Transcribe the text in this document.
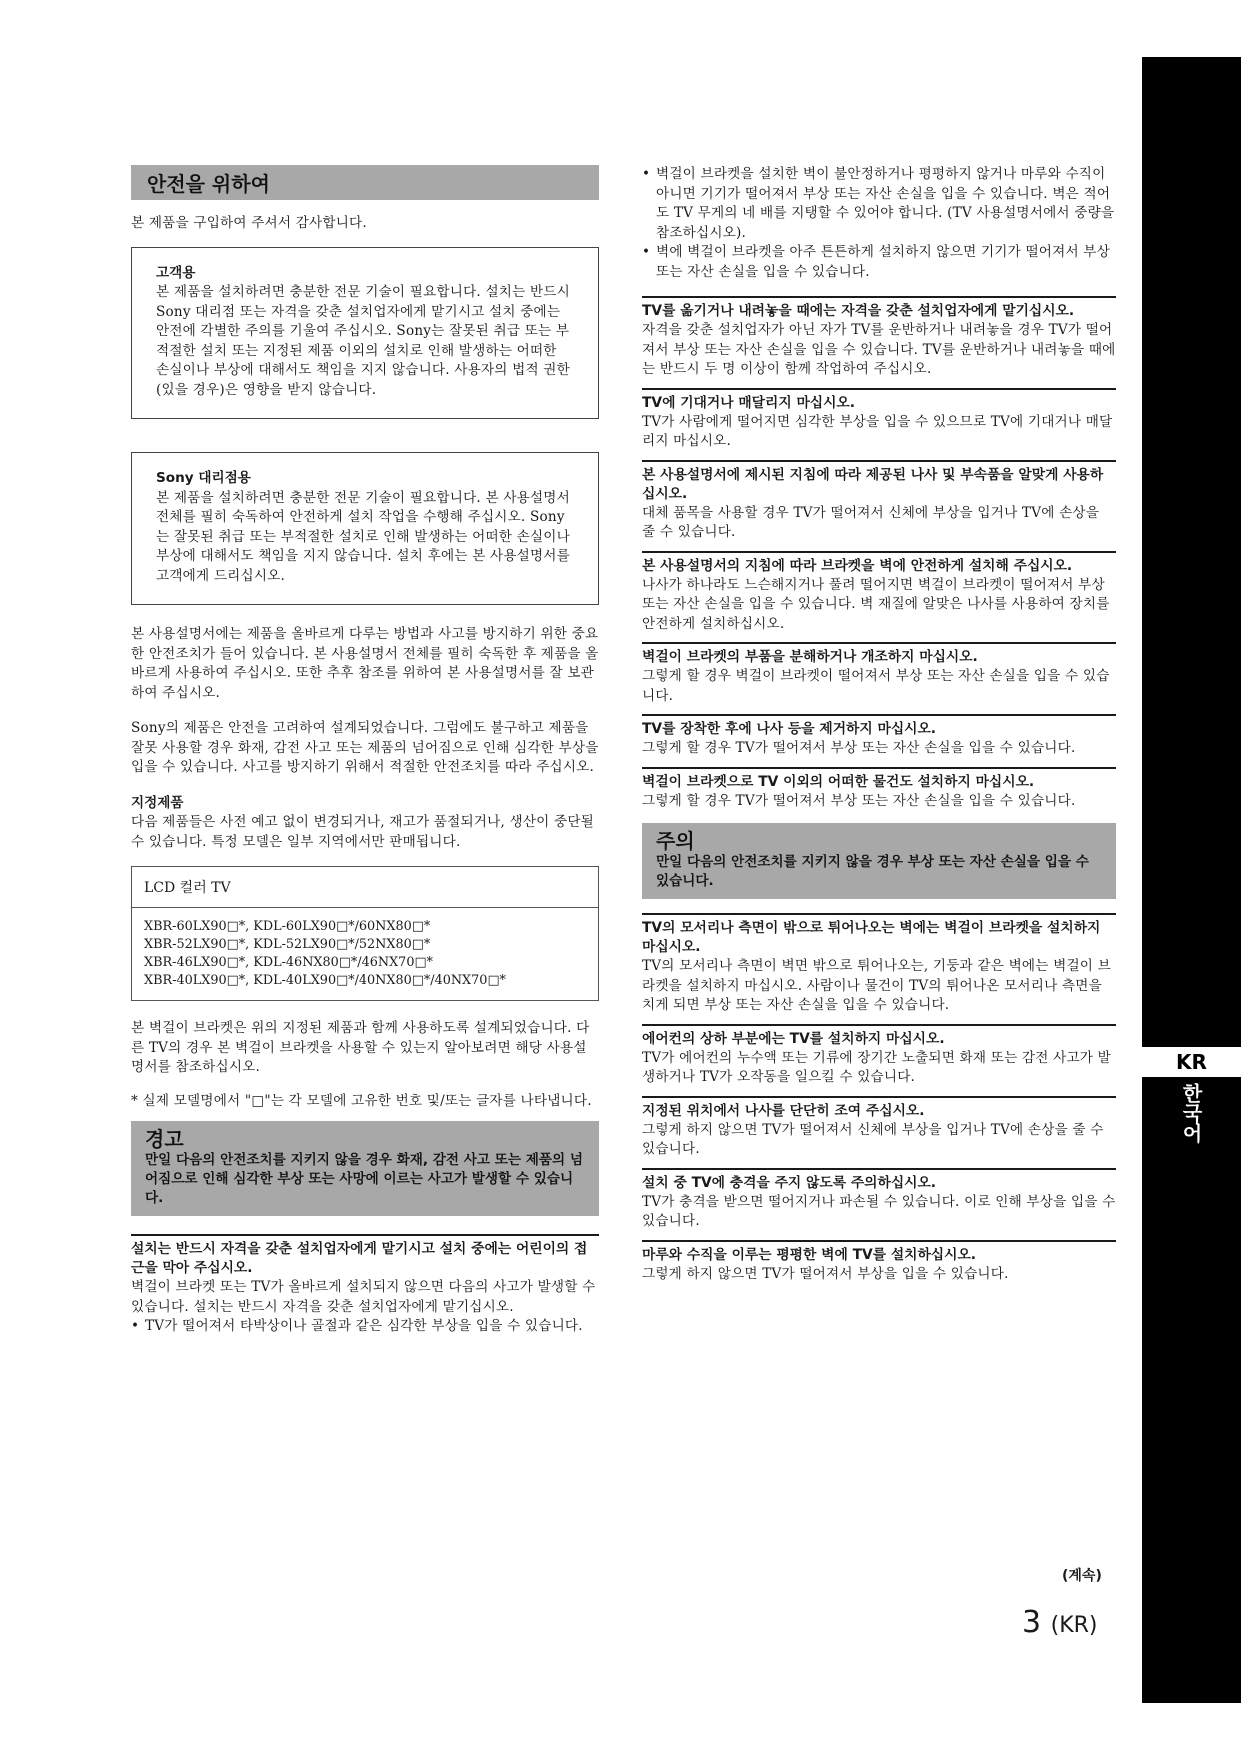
KR
한국어
안전을 위하여

본 제품을 구입하여 주셔서 감사합니다.

고객용

본 제품을 설치하려면 충분한 전문 기술이 필요합니다. 설치는 반드시 Sony 대리점 또는 자격을 갖춘 설치업자에게 맡기시고 설치 중에는 안전에 각별한 주의를 기울여 주십시오. Sony는 잘못된 취급 또는 부적절한 설치 또는 지정된 제품 이외의 설치로 인해 발생하는 어떠한 손실이나 부상에 대해서도 책임을 지지 않습니다. 사용자의 법적 권한(있을 경우)은 영향을 받지 않습니다.

Sony 대리점용

본 제품을 설치하려면 충분한 전문 기술이 필요합니다. 본 사용설명서 전체를 필히 숙독하여 안전하게 설치 작업을 수행해 주십시오. Sony는 잘못된 취급 또는 부적절한 설치로 인해 발생하는 어떠한 손실이나 부상에 대해서도 책임을 지지 않습니다. 설치 후에는 본 사용설명서를 고객에게 드리십시오.

본 사용설명서에는 제품을 올바르게 다루는 방법과 사고를 방지하기 위한 중요한 안전조치가 들어 있습니다. 본 사용설명서 전체를 필히 숙독한 후 제품을 올바르게 사용하여 주십시오. 또한 추후 참조를 위하여 본 사용설명서를 잘 보관하여 주십시오.

Sony의 제품은 안전을 고려하여 설계되었습니다. 그럼에도 불구하고 제품을 잘못 사용할 경우 화재, 감전 사고 또는 제품의 넘어짐으로 인해 심각한 부상을 입을 수 있습니다. 사고를 방지하기 위해서 적절한 안전조치를 따라 주십시오.

지정제품

다음 제품들은 사전 예고 없이 변경되거나, 재고가 품절되거나, 생산이 중단될 수 있습니다. 특정 모델은 일부 지역에서만 판매됩니다.

LCD 컬러 TV
XBR-60LX90□*, KDL-60LX90□*/60NX80□*
XBR-52LX90□*, KDL-52LX90□*/52NX80□*
XBR-46LX90□*, KDL-46NX80□*/46NX70□*
XBR-40LX90□*, KDL-40LX90□*/40NX80□*/40NX70□*

본 벽걸이 브라켓은 위의 지정된 제품과 함께 사용하도록 설계되었습니다. 다른 TV의 경우 본 벽걸이 브라켓을 사용할 수 있는지 알아보려면 해당 사용설명서를 참조하십시오.

* 실제 모델명에서 "□"는 각 모델에 고유한 번호 및/또는 글자를 나타냅니다.

경고
만일 다음의 안전조치를 지키지 않을 경우 화재, 감전 사고 또는 제품의 넘어짐으로 인해 심각한 부상 또는 사망에 이르는 사고가 발생할 수 있습니다.
설치는 반드시 자격을 갖춘 설치업자에게 맡기시고 설치 중에는 어린이의 접근을 막아 주십시오.

벽걸이 브라켓 또는 TV가 올바르게 설치되지 않으면 다음의 사고가 발생할 수 있습니다. 설치는 반드시 자격을 갖춘 설치업자에게 맡기십시오.

• TV가 떨어져서 타박상이나 골절과 같은 심각한 부상을 입을 수 있습니다.
• 벽걸이 브라켓을 설치한 벽이 불안정하거나 평평하지 않거나 마루와 수직이 아니면 기기가 떨어져서 부상 또는 자산 손실을 입을 수 있습니다. 벽은 적어도 TV 무게의 네 배를 지탱할 수 있어야 합니다. (TV 사용설명서에서 중량을 참조하십시오).
• 벽에 벽걸이 브라켓을 아주 튼튼하게 설치하지 않으면 기기가 떨어져서 부상 또는 자산 손실을 입을 수 있습니다.
TV를 옮기거나 내려놓을 때에는 자격을 갖춘 설치업자에게 맡기십시오.

자격을 갖춘 설치업자가 아닌 자가 TV를 운반하거나 내려놓을 경우 TV가 떨어져서 부상 또는 자산 손실을 입을 수 있습니다. TV를 운반하거나 내려놓을 때에는 반드시 두 명 이상이 함께 작업하여 주십시오.

TV에 기대거나 매달리지 마십시오.

TV가 사람에게 떨어지면 심각한 부상을 입을 수 있으므로 TV에 기대거나 매달리지 마십시오.

본 사용설명서에 제시된 지침에 따라 제공된 나사 및 부속품을 알맞게 사용하십시오.

대체 품목을 사용할 경우 TV가 떨어져서 신체에 부상을 입거나 TV에 손상을 줄 수 있습니다.

본 사용설명서의 지침에 따라 브라켓을 벽에 안전하게 설치해 주십시오.

나사가 하나라도 느슨해지거나 풀려 떨어지면 벽걸이 브라켓이 떨어져서 부상 또는 자산 손실을 입을 수 있습니다. 벽 재질에 알맞은 나사를 사용하여 장치를 안전하게 설치하십시오.

벽걸이 브라켓의 부품을 분해하거나 개조하지 마십시오.

그렇게 할 경우 벽걸이 브라켓이 떨어져서 부상 또는 자산 손실을 입을 수 있습니다.

TV를 장착한 후에 나사 등을 제거하지 마십시오.

그렇게 할 경우 TV가 떨어져서 부상 또는 자산 손실을 입을 수 있습니다.

벽걸이 브라켓으로 TV 이외의 어떠한 물건도 설치하지 마십시오.

그렇게 할 경우 TV가 떨어져서 부상 또는 자산 손실을 입을 수 있습니다.

주의
만일 다음의 안전조치를 지키지 않을 경우 부상 또는 자산 손실을 입을 수 있습니다.
TV의 모서리나 측면이 밖으로 튀어나오는 벽에는 벽걸이 브라켓을 설치하지 마십시오.

TV의 모서리나 측면이 벽면 밖으로 튀어나오는, 기둥과 같은 벽에는 벽걸이 브라켓을 설치하지 마십시오. 사람이나 물건이 TV의 튀어나온 모서리나 측면을 치게 되면 부상 또는 자산 손실을 입을 수 있습니다.

에어컨의 상하 부분에는 TV를 설치하지 마십시오.

TV가 에어컨의 누수액 또는 기류에 장기간 노출되면 화재 또는 감전 사고가 발생하거나 TV가 오작동을 일으킬 수 있습니다.

지정된 위치에서 나사를 단단히 조여 주십시오.

그렇게 하지 않으면 TV가 떨어져서 신체에 부상을 입거나 TV에 손상을 줄 수 있습니다.

설치 중 TV에 충격을 주지 않도록 주의하십시오.

TV가 충격을 받으면 떨어지거나 파손될 수 있습니다. 이로 인해 부상을 입을 수 있습니다.

마루와 수직을 이루는 평평한 벽에 TV를 설치하십시오.

그렇게 하지 않으면 TV가 떨어져서 부상을 입을 수 있습니다.

(계속)
3 (KR)
